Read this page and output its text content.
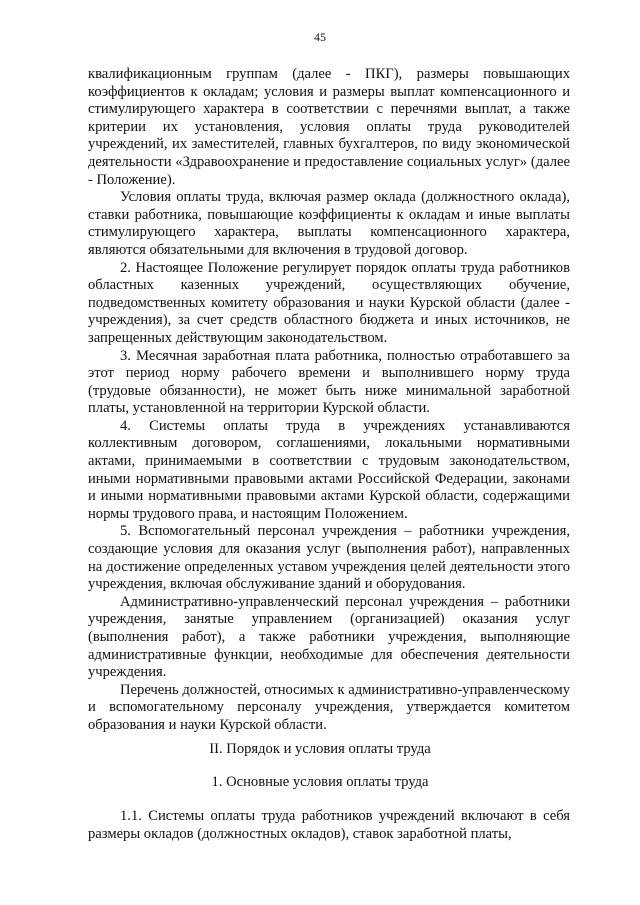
45

квалификационным группам (далее - ПКГ), размеры повышающих коэффициентов к окладам; условия и размеры выплат компенсационного и стимулирующего характера в соответствии с перечнями выплат, а также критерии их установления, условия оплаты труда руководителей учреждений, их заместителей, главных бухгалтеров, по виду экономической деятельности «Здравоохранение и предоставление социальных услуг» (далее - Положение).

Условия оплаты труда, включая размер оклада (должностного оклада), ставки работника, повышающие коэффициенты к окладам и иные выплаты стимулирующего характера, выплаты компенсационного характера, являются обязательными для включения в трудовой договор.

2. Настоящее Положение регулирует порядок оплаты труда работников областных казенных учреждений, осуществляющих обучение, подведомственных комитету образования и науки Курской области (далее - учреждения), за счет средств областного бюджета и иных источников, не запрещенных действующим законодательством.

3. Месячная заработная плата работника, полностью отработавшего за этот период норму рабочего времени и выполнившего норму труда (трудовые обязанности), не может быть ниже минимальной заработной платы, установленной на территории Курской области.

4. Системы оплаты труда в учреждениях устанавливаются коллективным договором, соглашениями, локальными нормативными актами, принимаемыми в соответствии с трудовым законодательством, иными нормативными правовыми актами Российской Федерации, законами и иными нормативными правовыми актами Курской области, содержащими нормы трудового права, и настоящим Положением.

5. Вспомогательный персонал учреждения – работники учреждения, создающие условия для оказания услуг (выполнения работ), направленных на достижение определенных уставом учреждения целей деятельности этого учреждения, включая обслуживание зданий и оборудования.

Административно-управленческий персонал учреждения – работники учреждения, занятые управлением (организацией) оказания услуг (выполнения работ), а также работники учреждения, выполняющие административные функции, необходимые для обеспечения деятельности учреждения.

Перечень должностей, относимых к административно-управленческому и вспомогательному персоналу учреждения, утверждается комитетом образования и науки Курской области.

II. Порядок и условия оплаты труда
1. Основные условия оплаты труда

1.1. Системы оплаты труда работников учреждений включают в себя размеры окладов (должностных окладов), ставок заработной платы,
